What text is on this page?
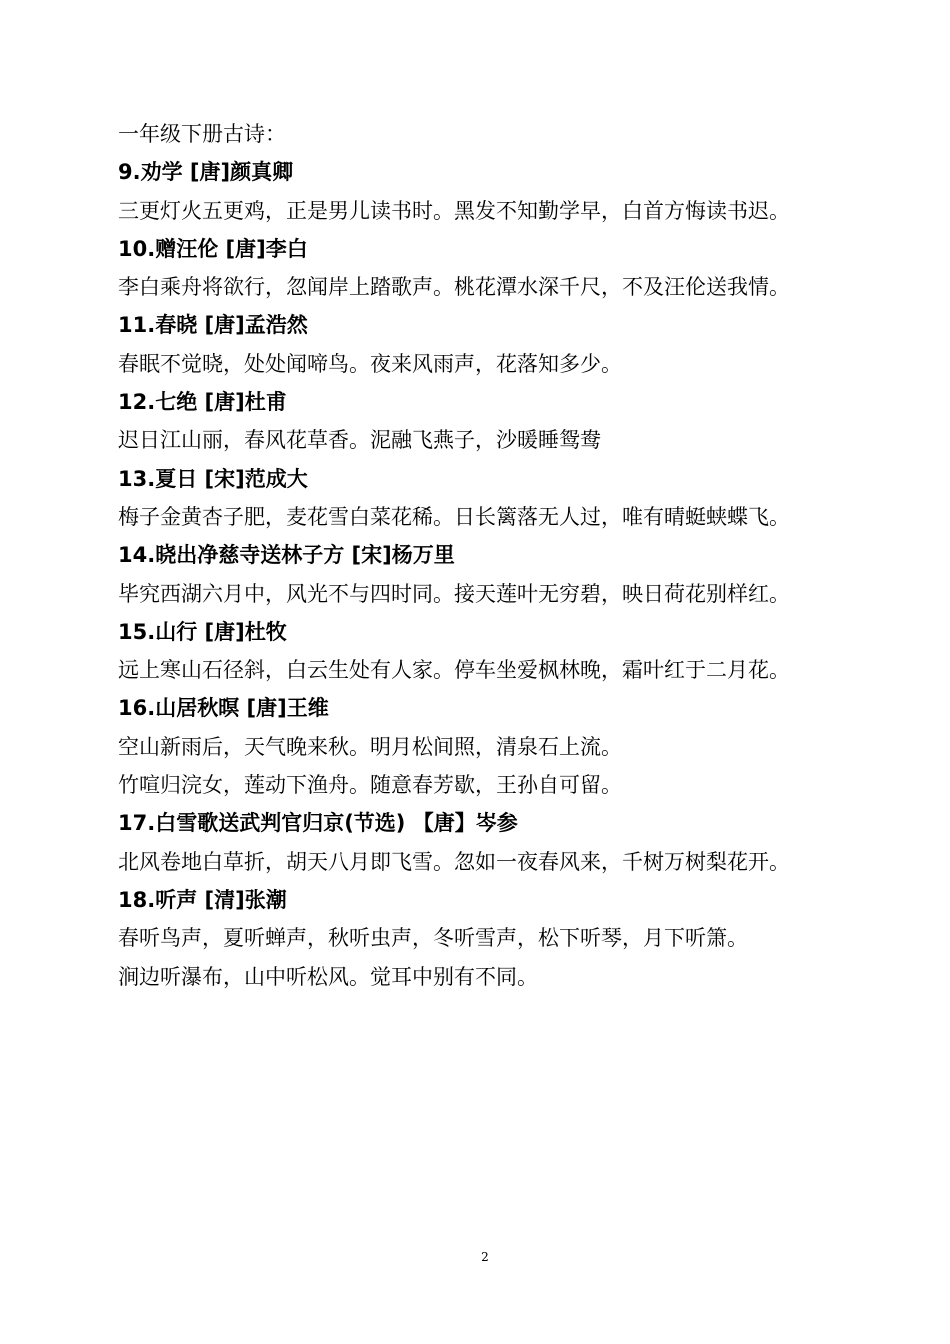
一年级下册古诗：
9.劝学 [唐]颜真卿
三更灯火五更鸡，正是男儿读书时。黑发不知勤学早，白首方悔读书迟。
10.赠汪伦 [唐]李白
李白乘舟将欲行，忽闻岸上踏歌声。桃花潭水深千尺，不及汪伦送我情。
11.春晓 [唐]孟浩然
春眠不觉晓，处处闻啼鸟。夜来风雨声，花落知多少。
12.七绝 [唐]杜甫
迟日江山丽，春风花草香。泥融飞燕子，沙暖睡鸳鸯
13.夏日 [宋]范成大
梅子金黄杏子肥，麦花雪白菜花稀。日长篱落无人过，唯有晴蜓蛱蝶飞。
14.晓出净慈寺送林子方 [宋]杨万里
毕究西湖六月中，风光不与四时同。接天莲叶无穷碧，映日荷花别样红。
15.山行 [唐]杜牧
远上寒山石径斜，白云生处有人家。停车坐爱枫林晚，霜叶红于二月花。
16.山居秋暝 [唐]王维
空山新雨后，天气晚来秋。明月松间照，清泉石上流。
竹喧归浣女，莲动下渔舟。随意春芳歇，王孙自可留。
17.白雪歌送武判官归京(节选) 【唐】岑参
北风卷地白草折，胡天八月即飞雪。忽如一夜春风来，千树万树梨花开。
18.听声 [清]张潮
春听鸟声，夏听蝉声，秋听虫声，冬听雪声，松下听琴，月下听箫。
涧边听瀑布，山中听松风。觉耳中别有不同。
2
